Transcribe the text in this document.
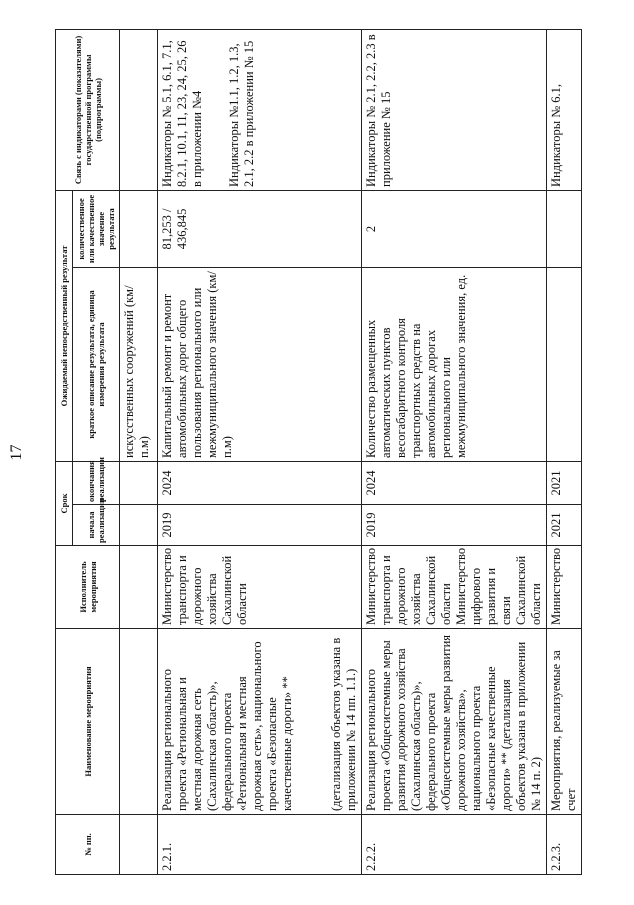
17
№ пп.	Наименование мероприятия	Исполнитель мероприятия	Срок		Ожидаемый непосредственный результат		Связь с индикаторами (показателями) государственной программы (подпрограммы)
			начала реализации	окончания реализации	краткое описание результата, единица измерения результата	количественное или качественное значение результата	
					искусственных сооружений (км/п.м)		
2.2.1.	Реализация регионального проекта «Региональная и местная дорожная сеть (Сахалинская область)», федерального проекта «Региональная и местная дорожная сеть», национального проекта «Безопасные качественные дороги» ** (детализация объектов указана в приложении № 14 пп. 1.1.)	Министерство транспорта и дорожного хозяйства Сахалинской области	2019	2024	Капитальный ремонт и ремонт автомобильных дорог общего пользования регионального или межмуниципального значения (км/п.м)	81,253 / 436,845	Индикаторы № 5.1, 6.1, 7.1, 8.2.1, 10.1, 11, 23, 24, 25, 26 в приложении №4 Индикаторы №1.1, 1.2, 1.3, 2.1, 2.2 в приложении № 15

2.2.2.	Реализация регионального проекта «Общесистемные меры развития дорожного хозяйства (Сахалинская область)», федерального проекта «Общесистемные меры развития дорожного хозяйства», национального проекта «Безопасные качественные дороги» ** (детализация объектов указана в приложении № 14 п. 2)	Министерство транспорта и дорожного хозяйства Сахалинской области Министерство цифрового развития и связи Сахалинской области	2019	2024	Количество размещенных автоматических пунктов весогабаритного контроля транспортных средств на автомобильных дорогах регионального или межмуниципального значения, ед.	2	Индикаторы № 2.1, 2.2, 2.3 в приложение № 15
2.2.3.	Мероприятия, реализуемые за счет	Министерство	2021	2021			Индикаторы № 6.1,
